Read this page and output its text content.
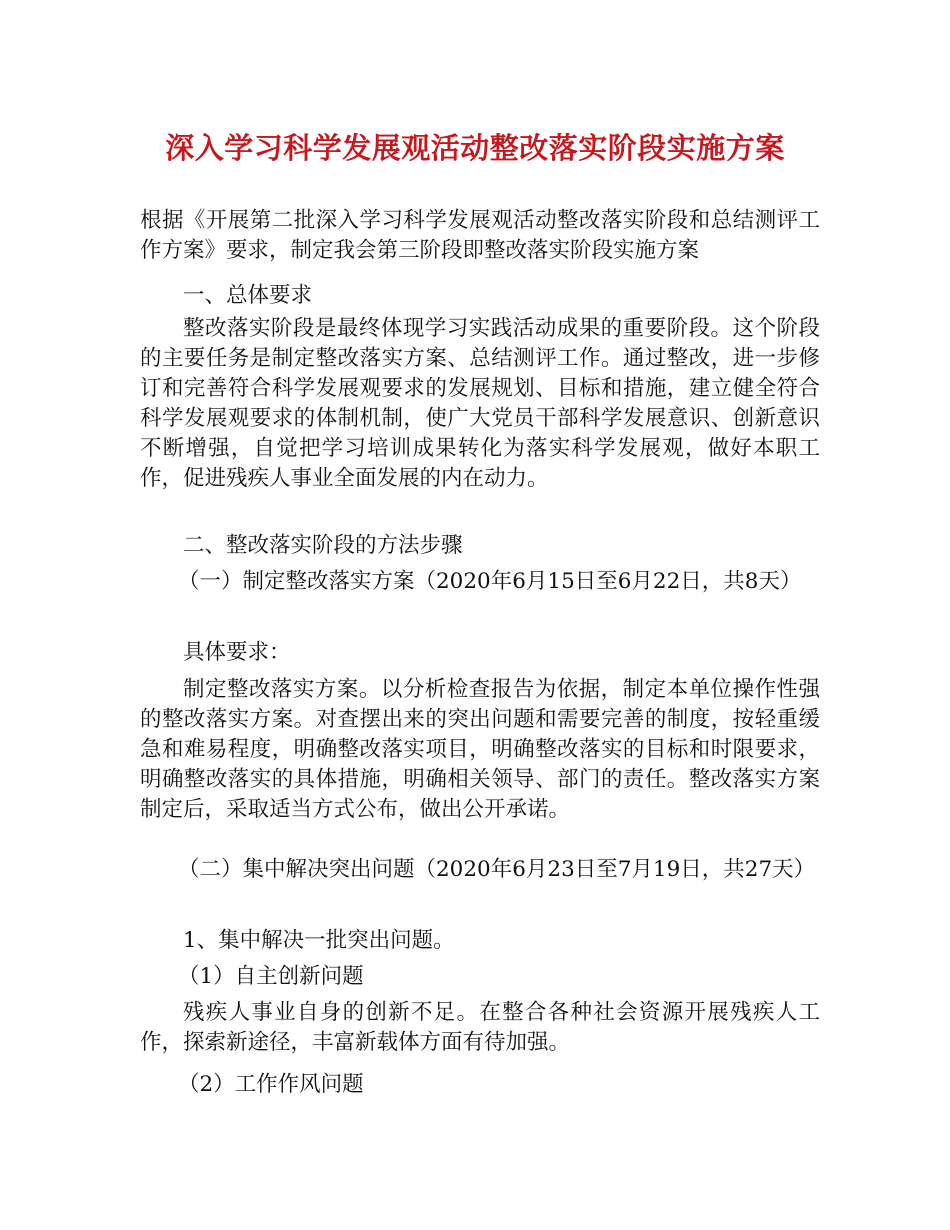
深入学习科学发展观活动整改落实阶段实施方案
根据《开展第二批深入学习科学发展观活动整改落实阶段和总结测评工作方案》要求，制定我会第三阶段即整改落实阶段实施方案
一、总体要求
整改落实阶段是最终体现学习实践活动成果的重要阶段。这个阶段的主要任务是制定整改落实方案、总结测评工作。通过整改，进一步修订和完善符合科学发展观要求的发展规划、目标和措施，建立健全符合科学发展观要求的体制机制，使广大党员干部科学发展意识、创新意识不断增强，自觉把学习培训成果转化为落实科学发展观，做好本职工作，促进残疾人事业全面发展的内在动力。
二、整改落实阶段的方法步骤
（一）制定整改落实方案（2020年6月15日至6月22日，共8天）
具体要求：
制定整改落实方案。以分析检查报告为依据，制定本单位操作性强的整改落实方案。对查摆出来的突出问题和需要完善的制度，按轻重缓急和难易程度，明确整改落实项目，明确整改落实的目标和时限要求，明确整改落实的具体措施，明确相关领导、部门的责任。整改落实方案制定后，采取适当方式公布，做出公开承诺。
（二）集中解决突出问题（2020年6月23日至7月19日，共27天）
1、集中解决一批突出问题。
（1）自主创新问题
残疾人事业自身的创新不足。在整合各种社会资源开展残疾人工作，探索新途径，丰富新载体方面有待加强。
（2）工作作风问题
